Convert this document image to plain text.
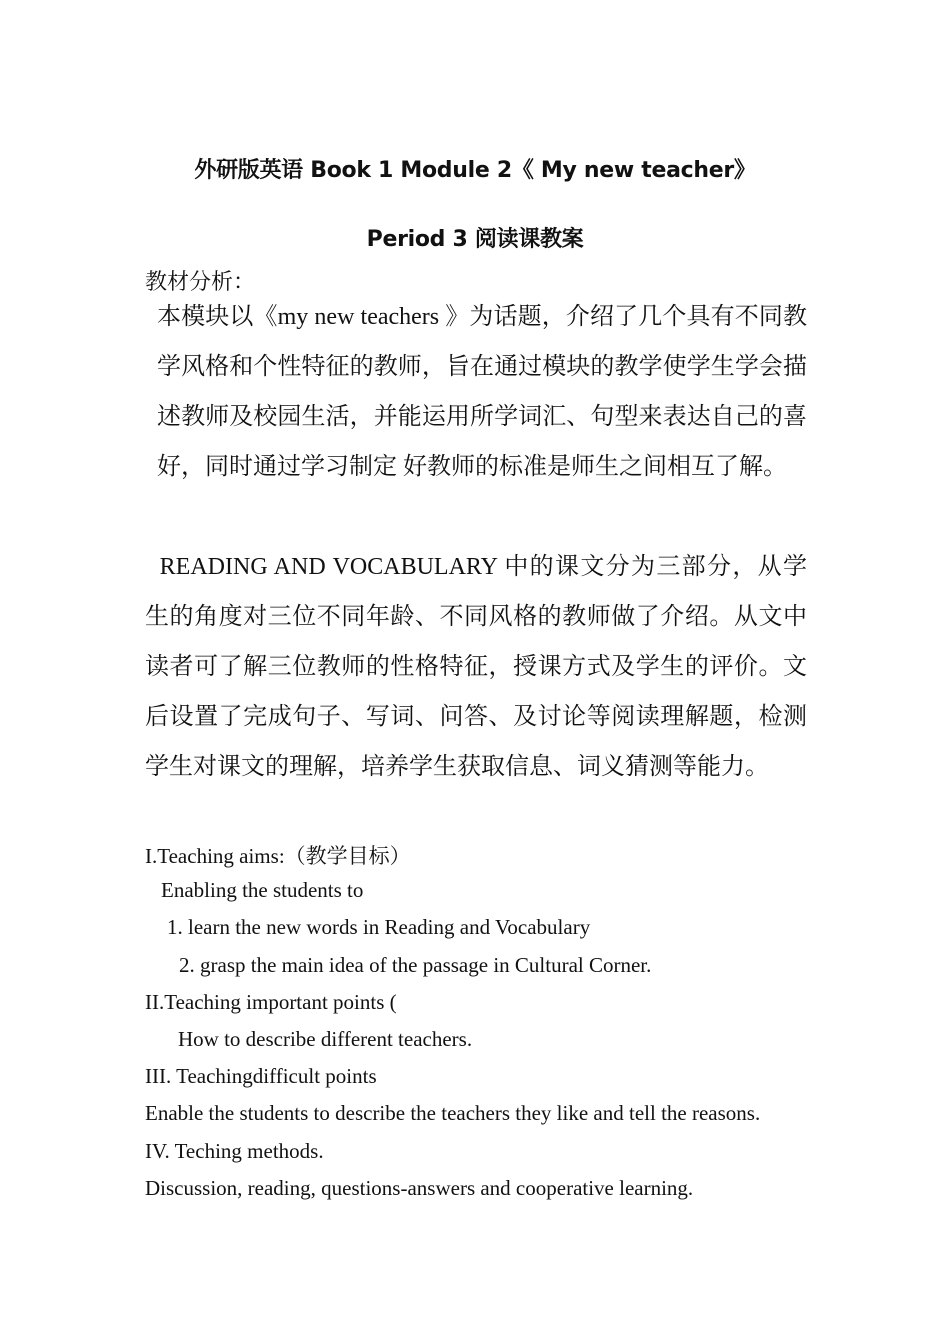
外研版英语 Book 1 Module 2《 My new teacher》
Period 3 阅读课教案
教材分析：

本模块以《my new teachers 》为话题，介绍了几个具有不同教学风格和个性特征的教师，旨在通过模块的教学使学生学会描述教师及校园生活，并能运用所学词汇、句型来表达自己的喜好，同时通过学习制定 好教师的标准是师生之间相互了解。

READING AND VOCABULARY 中的课文分为三部分，从学生的角度对三位不同年龄、不同风格的教师做了介绍。从文中读者可了解三位教师的性格特征，授课方式及学生的评价。文后设置了完成句子、写词、问答、及讨论等阅读理解题，检测学生对课文的理解，培养学生获取信息、词义猜测等能力。

I.Teaching aims:（教学目标）
Enabling the students to
1. learn the new words in Reading and Vocabulary
2. grasp the main idea of the passage in Cultural Corner.
II.Teaching important points (
How to describe different teachers.
III. Teachingdifficult points
Enable the students to describe the teachers they like and tell the reasons.
IV. Teching methods.
Discussion, reading, questions-answers and cooperative learning.
